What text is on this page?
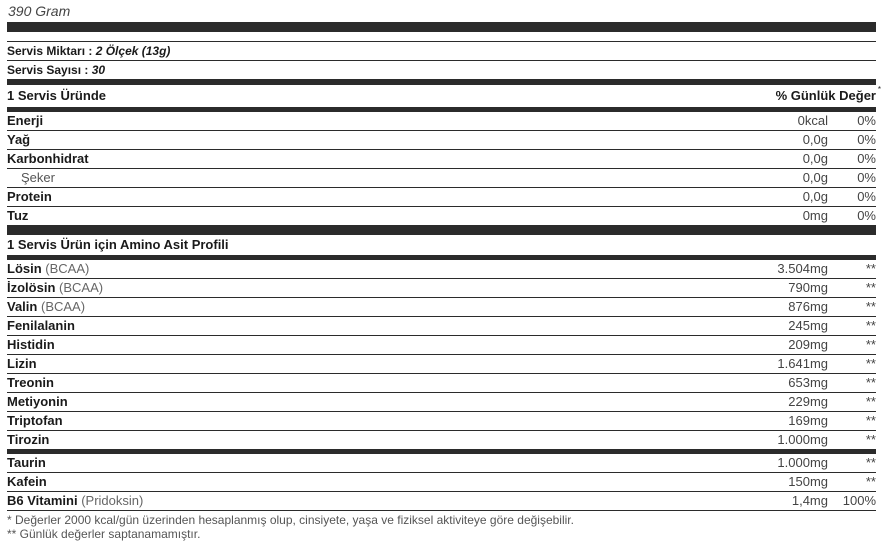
390 Gram
Servis Miktarı : 2 Ölçek (13g)
Servis Sayısı : 30
1 Servis Üründe	% Günlük Değer *
Enerji	0kcal	0%
Yağ	0,0g	0%
Karbonhidrat	0,0g	0%
Şeker	0,0g	0%
Protein	0,0g	0%
Tuz	0mg	0%
1 Servis Ürün için Amino Asit Profili
Lösin (BCAA)	3.504mg	**
İzolösin (BCAA)	790mg	**
Valin (BCAA)	876mg	**
Fenilalanin	245mg	**
Histidin	209mg	**
Lizin	1.641mg	**
Treonin	653mg	**
Metiyonin	229mg	**
Triptofan	169mg	**
Tirozin	1.000mg	**
Taurin	1.000mg	**
Kafein	150mg	**
B6 Vitamini (Pridoksin)	1,4mg	100%
* Değerler 2000 kcal/gün üzerinden hesaplanmış olup, cinsiyete, yaşa ve fiziksel aktiviteye göre değişebilir.
** Günlük değerler saptanamamıştır.
